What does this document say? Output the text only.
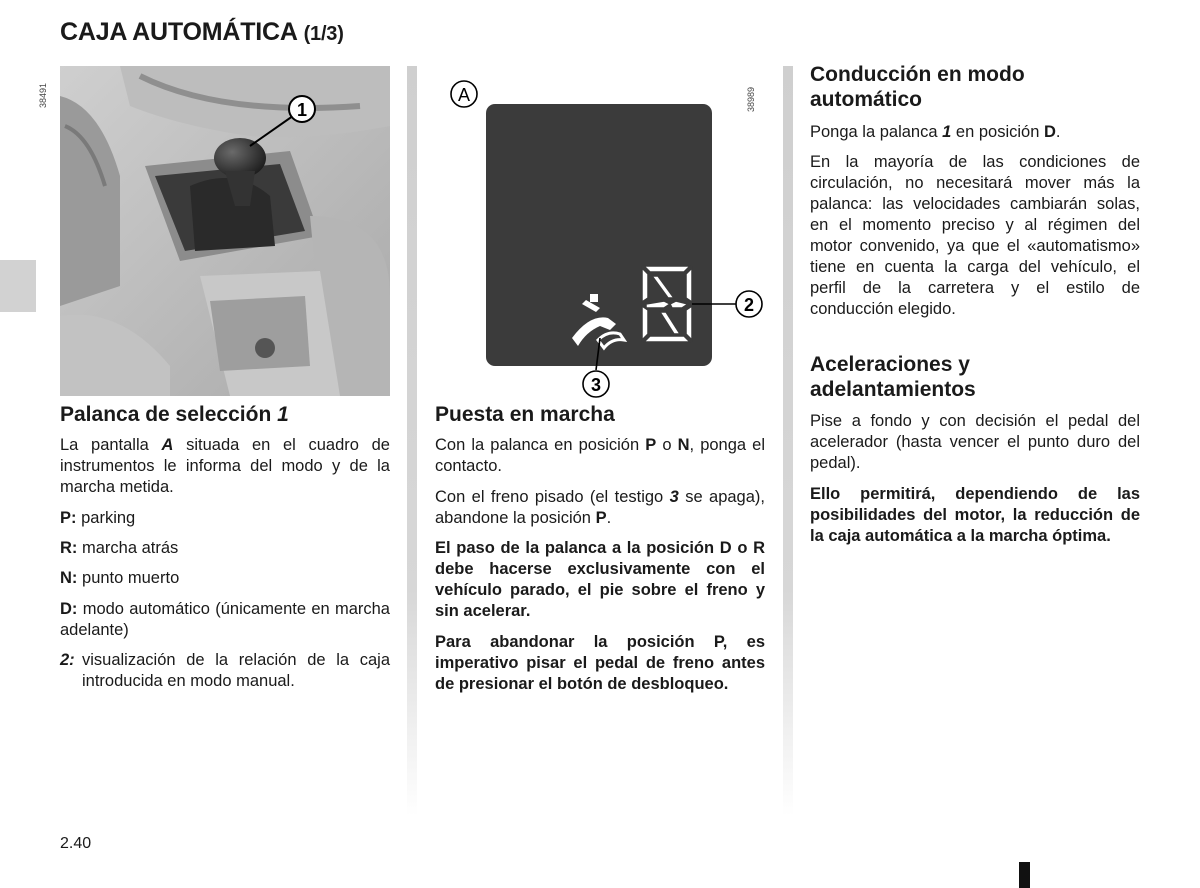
CAJA AUTOMÁTICA (1/3)
1
38491	A
2
3
38989
Palanca de selección 1

La pantalla A situada en el cuadro de instrumentos le informa del modo y de la marcha metida.

P: parking

R: marcha atrás

N: punto muerto

D: modo automático (únicamente en marcha adelante)

2: visualización de la relación de la caja introducida en modo manual.
Puesta en marcha

Con la palanca en posición P o N, ponga el contacto.

Con el freno pisado (el testigo 3 se apaga), abandone la posición P.

El paso de la palanca a la posición D o R debe hacerse exclusivamente con el vehículo parado, el pie sobre el freno y sin acelerar.

Para abandonar la posición P, es imperativo pisar el pedal de freno antes de presionar el botón de desbloqueo.

Conducción en modo automático

Ponga la palanca 1 en posición D.

En la mayoría de las condiciones de circulación, no necesitará mover más la palanca: las velocidades cambiarán solas, en el momento preciso y al régimen del motor convenido, ya que el «automatismo» tiene en cuenta la carga del vehículo, el perfil de la carretera y el estilo de conducción elegido.

Aceleraciones y adelantamientos

Pise a fondo y con decisión el pedal del acelerador (hasta vencer el punto duro del pedal).

Ello permitirá, dependiendo de las posibilidades del motor, la reducción de la caja automática a la marcha óptima.

2.40
